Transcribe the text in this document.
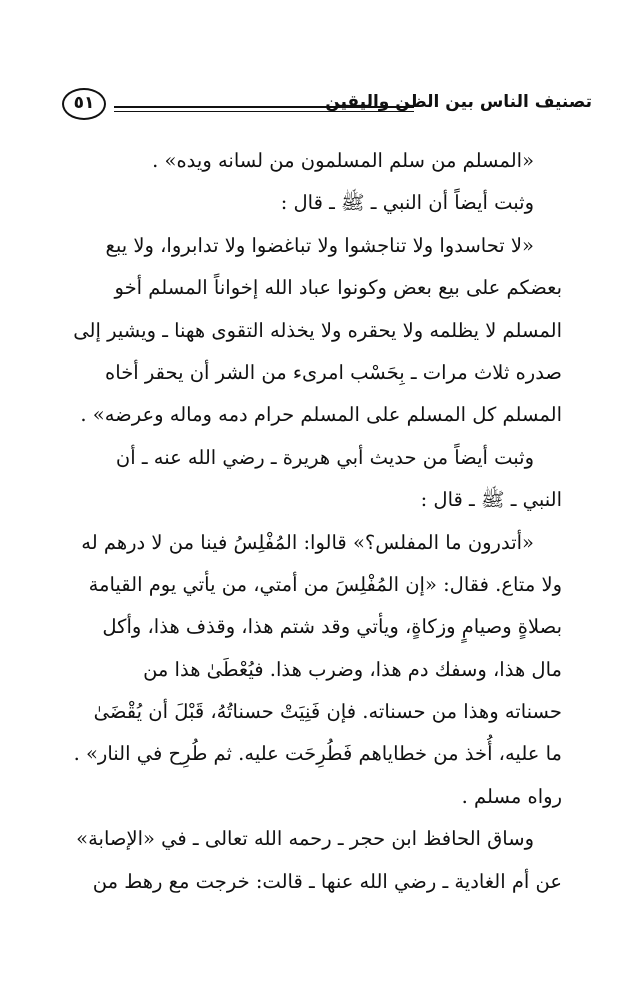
تصنيف الناس بين الظن واليقين
٥١
«المسلم من سلم المسلمون من لسانه ويده» .
وثبت أيضاً أن النبي ـ ﷺ ـ قال :
«لا تحاسدوا ولا تناجشوا ولا تباغضوا ولا تدابروا، ولا يبع
بعضكم على بيع بعض وكونوا عباد الله إخواناً المسلم أخو
المسلم لا يظلمه ولا يحقره ولا يخذله التقوى ههنا ـ ويشير إلى
صدره ثلاث مرات ـ بِحَسْب امرىء من الشر أن يحقر أخاه
المسلم كل المسلم على المسلم حرام دمه وماله وعرضه» .
وثبت أيضاً من حديث أبي هريرة ـ رضي الله عنه ـ أن
النبي ـ ﷺ ـ قال :
«أتدرون ما المفلس؟» قالوا: المُفْلِسُ فينا من لا درهم له
ولا متاع. فقال: «إن المُفْلِسَ من أمتي، من يأتي يوم القيامة
بصلاةٍ وصيامٍ وزكاةٍ، ويأتي وقد شتم هذا، وقذف هذا، وأكل
مال هذا، وسفك دم هذا، وضرب هذا. فيُعْطَىٰ هذا من
حسناته وهذا من حسناته. فإن فَنِيَتْ حسناتُهُ، قَبْلَ أن يُقْضَىٰ
ما عليه، أُخذ من خطاياهم فَطُرِحَت عليه. ثم طُرِح في النار» .
رواه مسلم .
وساق الحافظ ابن حجر ـ رحمه الله تعالى ـ في «الإصابة»
عن أم الغادية ـ رضي الله عنها ـ قالت: خرجت مع رهط من
